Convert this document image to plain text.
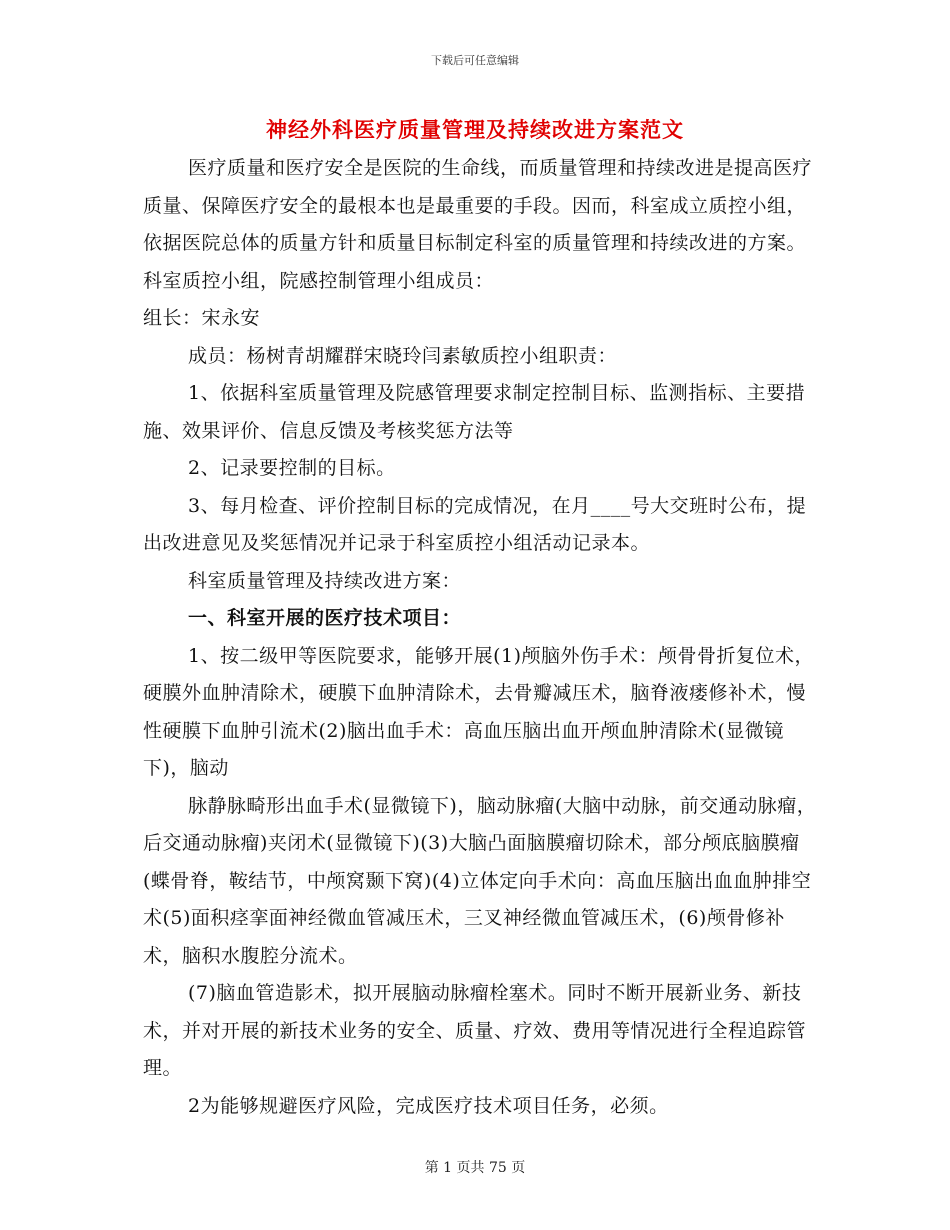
下载后可任意编辑
神经外科医疗质量管理及持续改进方案范文

医疗质量和医疗安全是医院的生命线，而质量管理和持续改进是提高医疗质量、保障医疗安全的最根本也是最重要的手段。因而，科室成立质控小组，依据医院总体的质量方针和质量目标制定科室的质量管理和持续改进的方案。科室质控小组，院感控制管理小组成员：

组长：宋永安

成员：杨树青胡耀群宋晓玲闫素敏质控小组职责：

1、依据科室质量管理及院感管理要求制定控制目标、监测指标、主要措施、效果评价、信息反馈及考核奖惩方法等

2、记录要控制的目标。

3、每月检查、评价控制目标的完成情况，在月____号大交班时公布，提出改进意见及奖惩情况并记录于科室质控小组活动记录本。

科室质量管理及持续改进方案：

一、科室开展的医疗技术项目：

1、按二级甲等医院要求，能够开展(1)颅脑外伤手术：颅骨骨折复位术，硬膜外血肿清除术，硬膜下血肿清除术，去骨瓣减压术，脑脊液瘘修补术，慢性硬膜下血肿引流术(2)脑出血手术：高血压脑出血开颅血肿清除术(显微镜下)，脑动

脉静脉畸形出血手术(显微镜下)，脑动脉瘤(大脑中动脉，前交通动脉瘤，后交通动脉瘤)夹闭术(显微镜下)(3)大脑凸面脑膜瘤切除术，部分颅底脑膜瘤(蝶骨脊，鞍结节，中颅窝颞下窝)(4)立体定向手术向：高血压脑出血血肿排空术(5)面积痉挛面神经微血管减压术，三叉神经微血管减压术，(6)颅骨修补术，脑积水腹腔分流术。

(7)脑血管造影术，拟开展脑动脉瘤栓塞术。同时不断开展新业务、新技术，并对开展的新技术业务的安全、质量、疗效、费用等情况进行全程追踪管理。

2为能够规避医疗风险，完成医疗技术项目任务，必须。

第 1 页共 75 页
